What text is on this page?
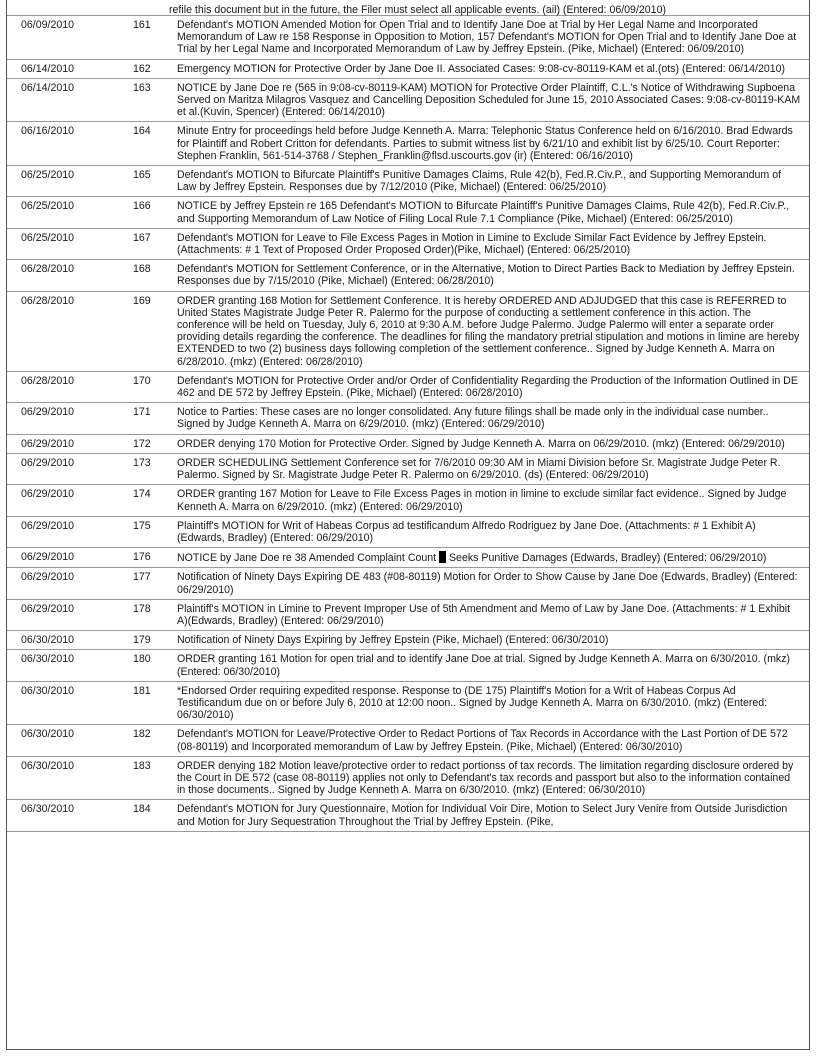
refile this document but in the future, the Filer must select all applicable events. (ail) (Entered: 06/09/2010)
06/09/2010	161	Defendant's MOTION Amended Motion for Open Trial and to Identify Jane Doe at Trial by Her Legal Name and Incorporated Memorandum of Law re 158 Response in Opposition to Motion, 157 Defendant's MOTION for Open Trial and to Identify Jane Doe at Trial by her Legal Name and Incorporated Memorandum of Law by Jeffrey Epstein. (Pike, Michael) (Entered: 06/09/2010)
06/14/2010	162	Emergency MOTION for Protective Order by Jane Doe II. Associated Cases: 9:08-cv-80119-KAM et al.(ots) (Entered: 06/14/2010)
06/14/2010	163	NOTICE by Jane Doe re (565 in 9:08-cv-80119-KAM) MOTION for Protective Order Plaintiff, C.L.'s Notice of Withdrawing Supboena Served on Maritza Milagros Vasquez and Cancelling Deposition Scheduled for June 15, 2010 Associated Cases: 9:08-cv-80119-KAM et al.(Kuvin, Spencer) (Entered: 06/14/2010)
06/16/2010	164	Minute Entry for proceedings held before Judge Kenneth A. Marra: Telephonic Status Conference held on 6/16/2010. Brad Edwards for Plaintiff and Robert Critton for defendants. Parties to submit witness list by 6/21/10 and exhibit list by 6/25/10. Court Reporter: Stephen Franklin, 561-514-3768 / Stephen_Franklin@flsd.uscourts.gov (ir) (Entered: 06/16/2010)
06/25/2010	165	Defendant's MOTION to Bifurcate Plaintiff's Punitive Damages Claims, Rule 42(b), Fed.R.Civ.P., and Supporting Memorandum of Law by Jeffrey Epstein. Responses due by 7/12/2010 (Pike, Michael) (Entered: 06/25/2010)
06/25/2010	166	NOTICE by Jeffrey Epstein re 165 Defendant's MOTION to Bifurcate Plaintiff's Punitive Damages Claims, Rule 42(b), Fed.R.Civ.P., and Supporting Memorandum of Law Notice of Filing Local Rule 7.1 Compliance (Pike, Michael) (Entered: 06/25/2010)
06/25/2010	167	Defendant's MOTION for Leave to File Excess Pages in Motion in Limine to Exclude Similar Fact Evidence by Jeffrey Epstein. (Attachments: # 1 Text of Proposed Order Proposed Order)(Pike, Michael) (Entered: 06/25/2010)
06/28/2010	168	Defendant's MOTION for Settlement Conference, or in the Alternative, Motion to Direct Parties Back to Mediation by Jeffrey Epstein. Responses due by 7/15/2010 (Pike, Michael) (Entered: 06/28/2010)
06/28/2010	169	ORDER granting 168 Motion for Settlement Conference. It is hereby ORDERED AND ADJUDGED that this case is REFERRED to United States Magistrate Judge Peter R. Palermo for the purpose of conducting a settlement conference in this action. The conference will be held on Tuesday, July 6, 2010 at 9:30 A.M. before Judge Palermo. Judge Palermo will enter a separate order providing details regarding the conference. The deadlines for filing the mandatory pretrial stipulation and motions in limine are hereby EXTENDED to two (2) business days following completion of the settlement conference.. Signed by Judge Kenneth A. Marra on 6/28/2010. (mkz) (Entered: 06/28/2010)
06/28/2010	170	Defendant's MOTION for Protective Order and/or Order of Confidentiality Regarding the Production of the Information Outlined in DE 462 and DE 572 by Jeffrey Epstein. (Pike, Michael) (Entered: 06/28/2010)
06/29/2010	171	Notice to Parties: These cases are no longer consolidated. Any future filings shall be made only in the individual case number.. Signed by Judge Kenneth A. Marra on 6/29/2010. (mkz) (Entered: 06/29/2010)
06/29/2010	172	ORDER denying 170 Motion for Protective Order. Signed by Judge Kenneth A. Marra on 06/29/2010. (mkz) (Entered: 06/29/2010)
06/29/2010	173	ORDER SCHEDULING Settlement Conference set for 7/6/2010 09:30 AM in Miami Division before Sr. Magistrate Judge Peter R. Palermo. Signed by Sr. Magistrate Judge Peter R. Palermo on 6/29/2010. (ds) (Entered: 06/29/2010)
06/29/2010	174	ORDER granting 167 Motion for Leave to File Excess Pages in motion in limine to exclude similar fact evidence.. Signed by Judge Kenneth A. Marra on 6/29/2010. (mkz) (Entered: 06/29/2010)
06/29/2010	175	Plaintiff's MOTION for Writ of Habeas Corpus ad testificandum Alfredo Rodriguez by Jane Doe. (Attachments: # 1 Exhibit A)(Edwards, Bradley) (Entered: 06/29/2010)
06/29/2010	176	NOTICE by Jane Doe re 38 Amended Complaint Count  Seeks Punitive Damages (Edwards, Bradley) (Entered: 06/29/2010)
06/29/2010	177	Notification of Ninety Days Expiring DE 483 (#08-80119) Motion for Order to Show Cause by Jane Doe (Edwards, Bradley) (Entered: 06/29/2010)
06/29/2010	178	Plaintiff's MOTION in Limine to Prevent Improper Use of 5th Amendment and Memo of Law by Jane Doe. (Attachments: # 1 Exhibit A)(Edwards, Bradley) (Entered: 06/29/2010)
06/30/2010	179	Notification of Ninety Days Expiring by Jeffrey Epstein (Pike, Michael) (Entered: 06/30/2010)
06/30/2010	180	ORDER granting 161 Motion for open trial and to identify Jane Doe at trial. Signed by Judge Kenneth A. Marra on 6/30/2010. (mkz) (Entered: 06/30/2010)
06/30/2010	181	*Endorsed Order requiring expedited response. Response to (DE 175) Plaintiff's Motion for a Writ of Habeas Corpus Ad Testificandum due on or before July 6, 2010 at 12:00 noon.. Signed by Judge Kenneth A. Marra on 6/30/2010. (mkz) (Entered: 06/30/2010)
06/30/2010	182	Defendant's MOTION for Leave/Protective Order to Redact Portions of Tax Records in Accordance with the Last Portion of DE 572 (08-80119) and Incorporated memorandum of Law by Jeffrey Epstein. (Pike, Michael) (Entered: 06/30/2010)
06/30/2010	183	ORDER denying 182 Motion leave/protective order to redact portionss of tax records. The limitation regarding disclosure ordered by the Court in DE 572 (case 08-80119) applies not only to Defendant's tax records and passport but also to the information contained in those documents.. Signed by Judge Kenneth A. Marra on 6/30/2010. (mkz) (Entered: 06/30/2010)
06/30/2010	184	Defendant's MOTION for Jury Questionnaire, Motion for Individual Voir Dire, Motion to Select Jury Venire from Outside Jurisdiction and Motion for Jury Sequestration Throughout the Trial by Jeffrey Epstein. (Pike,
